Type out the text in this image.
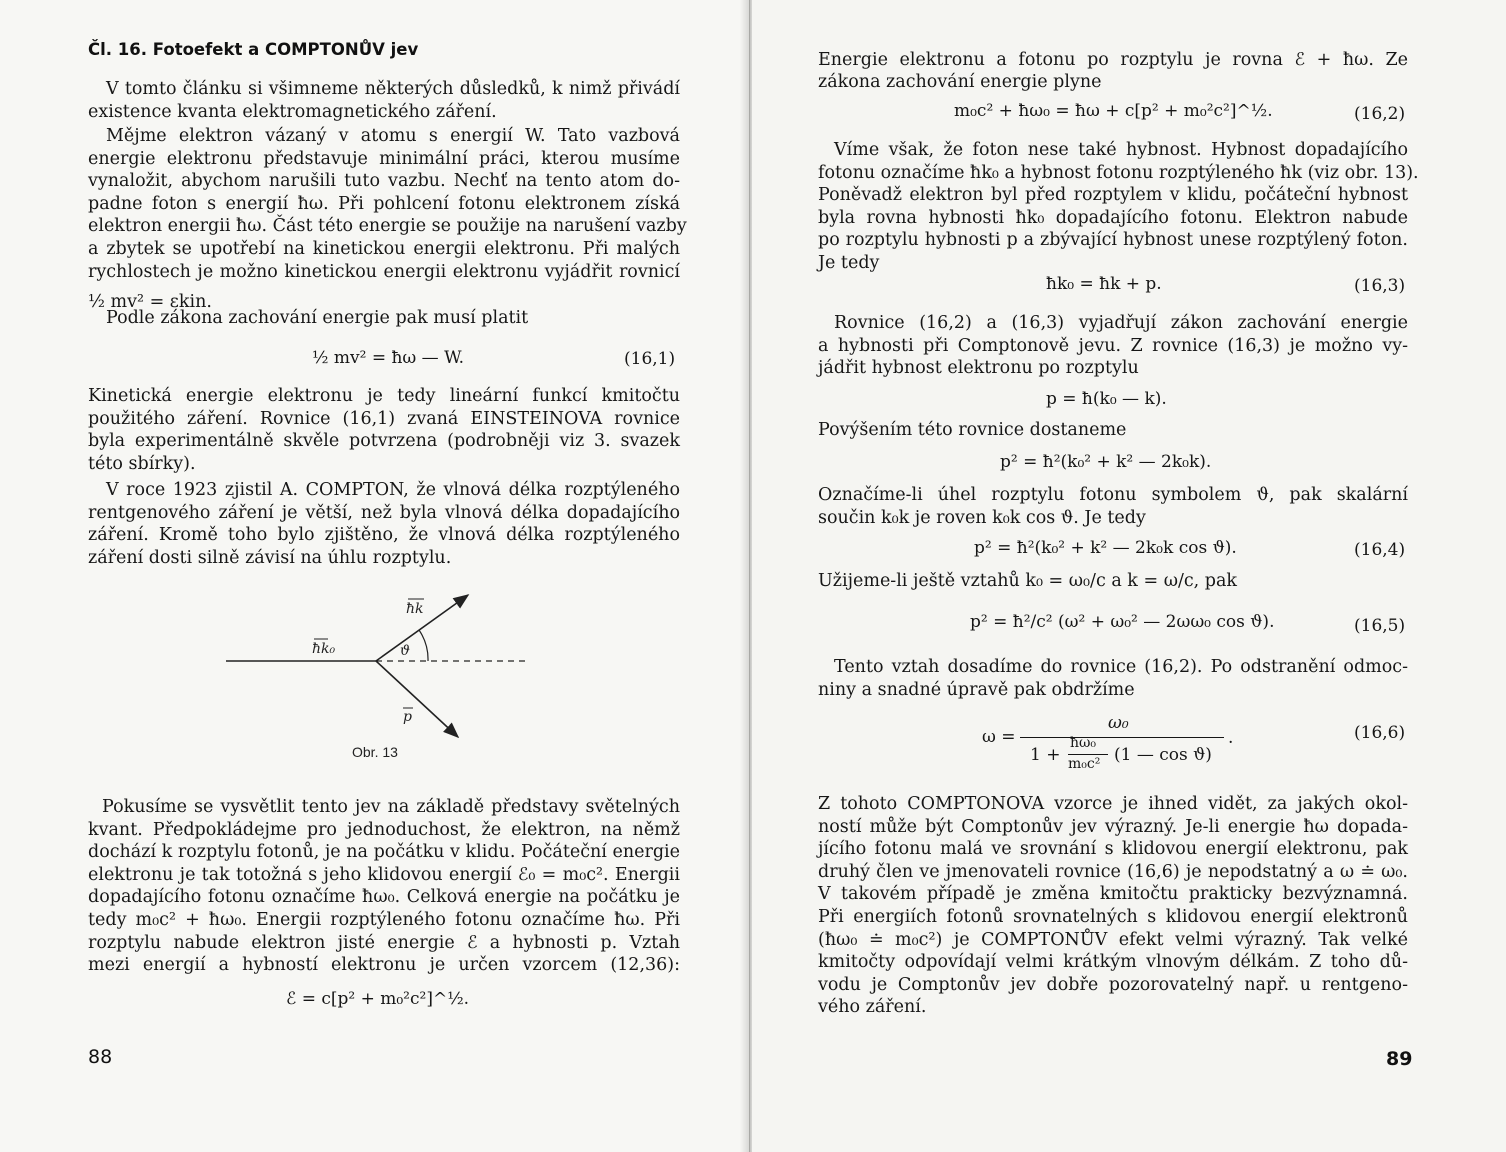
Čl. 16. Fotoefekt a COMPTONŮV jev
V tomto článku si všimneme některých důsledků, k nimž přivádí
existence kvanta elektromagnetického záření.
Mějme elektron vázaný v atomu s energií W. Tato vazbová
energie elektronu představuje minimální práci, kterou musíme
vynaložit, abychom narušili tuto vazbu. Nechť na tento atom do-
padne foton s energií ħω. Při pohlcení fotonu elektronem získá
elektron energii ħω. Část této energie se použije na narušení vazby
a zbytek se upotřebí na kinetickou energii elektronu. Při malých
rychlostech je možno kinetickou energii elektronu vyjádřit rovnicí
½ mv² = εkin.
Podle zákona zachování energie pak musí platit
½ mv² = ħω — W.	(16,1)
Kinetická energie elektronu je tedy lineární funkcí kmitočtu
použitého záření. Rovnice (16,1) zvaná EINSTEINOVA rovnice
byla experimentálně skvěle potvrzena (podrobněji viz 3. svazek
této sbírky).
V roce 1923 zjistil A. COMPTON, že vlnová délka rozptýleného
rentgenového záření je větší, než byla vlnová délka dopadajícího
záření. Kromě toho bylo zjištěno, že vlnová délka rozptýleného
záření dosti silně závisí na úhlu rozptylu.
ħk
ħk₀	ϑ
p
Obr. 13
Pokusíme se vysvětlit tento jev na základě představy světelných
kvant. Předpokládejme pro jednoduchost, že elektron, na němž
dochází k rozptylu fotonů, je na počátku v klidu. Počáteční energie
elektronu je tak totožná s jeho klidovou energií ℰ₀ = m₀c². Energii
dopadajícího fotonu označíme ħω₀. Celková energie na počátku je
tedy m₀c² + ħω₀. Energii rozptýleného fotonu označíme ħω. Při
rozptylu nabude elektron jisté energie ℰ a hybnosti p. Vztah
mezi energií a hybností elektronu je určen vzorcem (12,36):
ℰ = c[p² + m₀²c²]^½.
88
Energie elektronu a fotonu po rozptylu je rovna ℰ + ħω. Ze
zákona zachování energie plyne
m₀c² + ħω₀ = ħω + c[p² + m₀²c²]^½.	(16,2)
Víme však, že foton nese také hybnost. Hybnost dopadajícího
fotonu označíme ħk₀ a hybnost fotonu rozptýleného ħk (viz obr. 13).
Poněvadž elektron byl před rozptylem v klidu, počáteční hybnost
byla rovna hybnosti ħk₀ dopadajícího fotonu. Elektron nabude
po rozptylu hybnosti p a zbývající hybnost unese rozptýlený foton.
Je tedy
ħk₀ = ħk + p.	(16,3)
Rovnice (16,2) a (16,3) vyjadřují zákon zachování energie
a hybnosti při Comptonově jevu. Z rovnice (16,3) je možno vy-
jádřit hybnost elektronu po rozptylu
p = ħ(k₀ — k).
Povýšením této rovnice dostaneme
p² = ħ²(k₀² + k² — 2k₀k).
Označíme-li úhel rozptylu fotonu symbolem ϑ, pak skalární
součin k₀k je roven k₀k cos ϑ. Je tedy
p² = ħ²(k₀² + k² — 2k₀k cos ϑ).	(16,4)
Užijeme-li ještě vztahů k₀ = ω₀/c a k = ω/c, pak
p² = ħ²/c² (ω² + ω₀² — 2ωω₀ cos ϑ).	(16,5)
Tento vztah dosadíme do rovnice (16,2). Po odstranění odmoc-
niny a snadné úpravě pak obdržíme
ω =
ω₀
1 +
ħω₀
m₀c² (1 — cos ϑ)
.	(16,6)
Z tohoto COMPTONOVA vzorce je ihned vidět, za jakých okol-
ností může být Comptonův jev výrazný. Je-li energie ħω dopada-
jícího fotonu malá ve srovnání s klidovou energií elektronu, pak
druhý člen ve jmenovateli rovnice (16,6) je nepodstatný a ω ≐ ω₀.
V takovém případě je změna kmitočtu prakticky bezvýznamná.
Při energiích fotonů srovnatelných s klidovou energií elektronů
(ħω₀ ≐ m₀c²) je COMPTONŮV efekt velmi výrazný. Tak velké
kmitočty odpovídají velmi krátkým vlnovým délkám. Z toho dů-
vodu je Comptonův jev dobře pozorovatelný např. u rentgeno-
vého záření.
89
